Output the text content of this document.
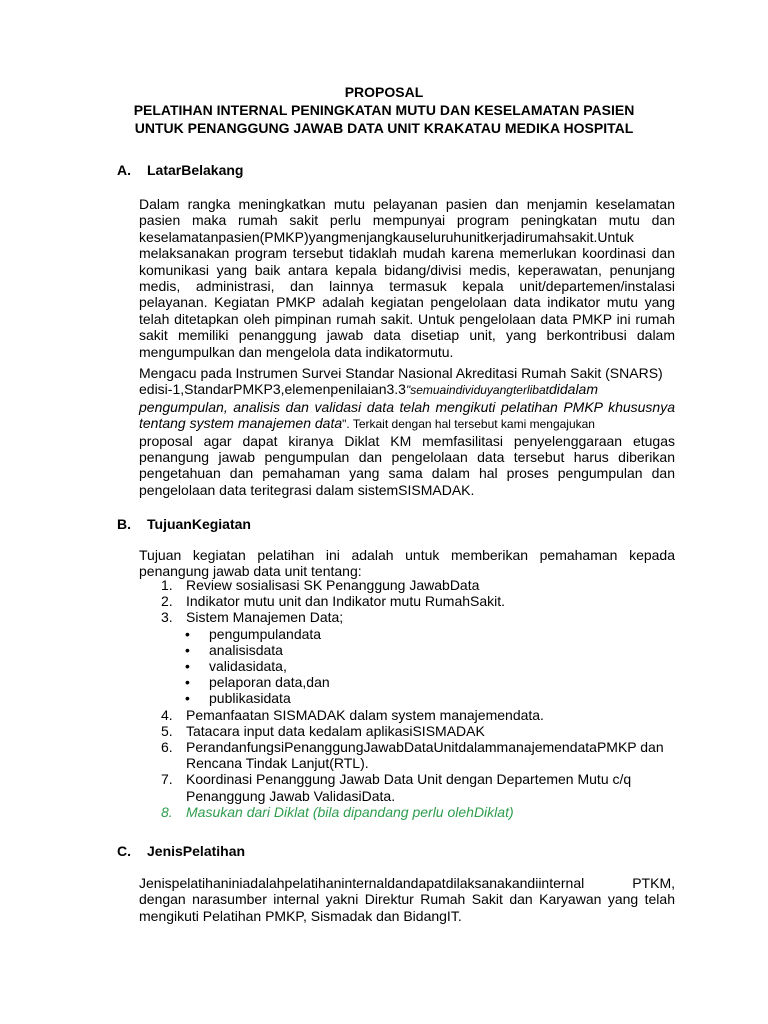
PROPOSAL
PELATIHAN INTERNAL PENINGKATAN MUTU DAN KESELAMATAN PASIEN
UNTUK PENANGGUNG JAWAB DATA UNIT KRAKATAU MEDIKA HOSPITAL
A. LatarBelakang
Dalam rangka meningkatkan mutu pelayanan pasien dan menjamin keselamatan
pasien maka rumah sakit perlu mempunyai program peningkatan mutu dan
keselamatanpasien(PMKP)yangmenjangkauseluruhunitkerjadirumahsakit.Untuk
melaksanakan program tersebut tidaklah mudah karena memerlukan koordinasi dan
komunikasi yang baik antara kepala bidang/divisi medis, keperawatan, penunjang
medis, administrasi, dan lainnya termasuk kepala unit/departemen/instalasi
pelayanan. Kegiatan PMKP adalah kegiatan pengelolaan data indikator mutu yang
telah ditetapkan oleh pimpinan rumah sakit. Untuk pengelolaan data PMKP ini rumah
sakit memiliki penanggung jawab data disetiap unit, yang berkontribusi dalam
mengumpulkan dan mengelola data indikatormutu.
Mengacu pada Instrumen Survei Standar Nasional Akreditasi Rumah Sakit (SNARS)
edisi-1,StandarPMKP3,elemenpenilaian3.3"semuaindividuyangterlibatdidalam
pengumpulan, analisis dan validasi data telah mengikuti pelatihan PMKP khususnya
tentang system manajemen data". Terkait dengan hal tersebut kami mengajukan
proposal agar dapat kiranya Diklat KM memfasilitasi penyelenggaraan etugas
penangung jawab pengumpulan dan pengelolaan data tersebut harus diberikan
pengetahuan dan pemahaman yang sama dalam hal proses pengumpulan dan
pengelolaan data teritegrasi dalam sistemSISMADAK.
B. TujuanKegiatan
Tujuan kegiatan pelatihan ini adalah untuk memberikan pemahaman kepada
penangung jawab data unit tentang:
1. Review sosialisasi SK Penanggung JawabData
2. Indikator mutu unit dan Indikator mutu RumahSakit.
3. Sistem Manajemen Data;
• pengumpulandata
• analisisdata
• validasidata,
• pelaporan data,dan
• publikasidata
4. Pemanfaatan SISMADAK dalam system manajemendata.
5. Tatacara input data kedalam aplikasiSISMADAK
6. PerandanfungsiPenanggungJawabDataUnitdalammanajemendataPMKP dan
Rencana Tindak Lanjut(RTL).
7. Koordinasi Penanggung Jawab Data Unit dengan Departemen Mutu c/q
Penanggung Jawab ValidasiData.
8. Masukan dari Diklat (bila dipandang perlu olehDiklat)
C. JenisPelatihan
Jenispelatihaniniadalahpelatihaninternaldandapatdilaksanakandiinternal PTKM,
dengan narasumber internal yakni Direktur Rumah Sakit dan Karyawan yang telah
mengikuti Pelatihan PMKP, Sismadak dan BidangIT.
